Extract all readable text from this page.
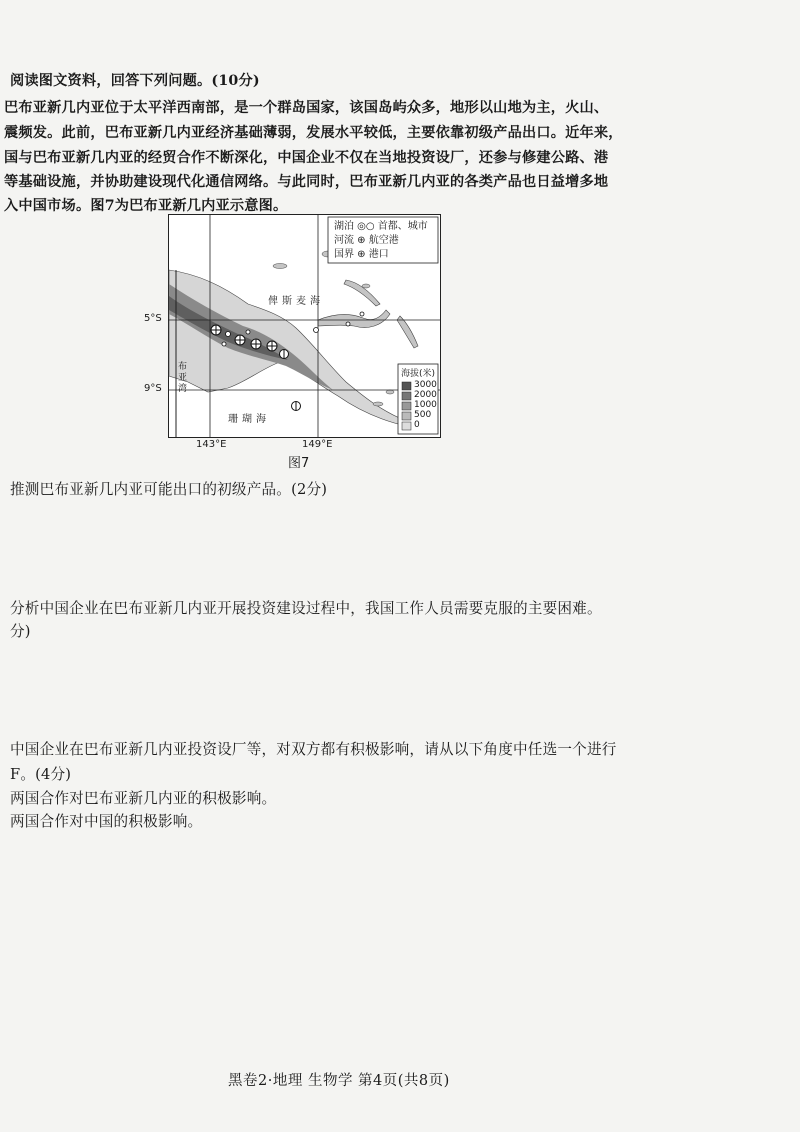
阅读图文资料，回答下列问题。(10分)
巴布亚新几内亚位于太平洋西南部，是一个群岛国家，该国岛屿众多，地形以山地为主，火山、
震频发。此前，巴布亚新几内亚经济基础薄弱，发展水平较低，主要依靠初级产品出口。近年来，
国与巴布亚新几内亚的经贸合作不断深化，中国企业不仅在当地投资设厂，还参与修建公路、港
等基础设施，并协助建设现代化通信网络。与此同时，巴布亚新几内亚的各类产品也日益增多地
入中国市场。图7为巴布亚新几内亚示意图。
湖泊 ◎○ 首都、城市
河流 ⊕ 航空港
国界 ⊕ 港口
海拔(米)
3000
2000
1000
500
0
俾斯麦海
珊瑚海
布亚湾
5°S
9°S
143°E	149°E
图7
推测巴布亚新几内亚可能出口的初级产品。(2分)
分析中国企业在巴布亚新几内亚开展投资建设过程中，我国工作人员需要克服的主要困难。
分)
中国企业在巴布亚新几内亚投资设厂等，对双方都有积极影响，请从以下角度中任选一个进行
F。(4分)
两国合作对巴布亚新几内亚的积极影响。
两国合作对中国的积极影响。
黑卷2·地理 生物学 第4页(共8页)
